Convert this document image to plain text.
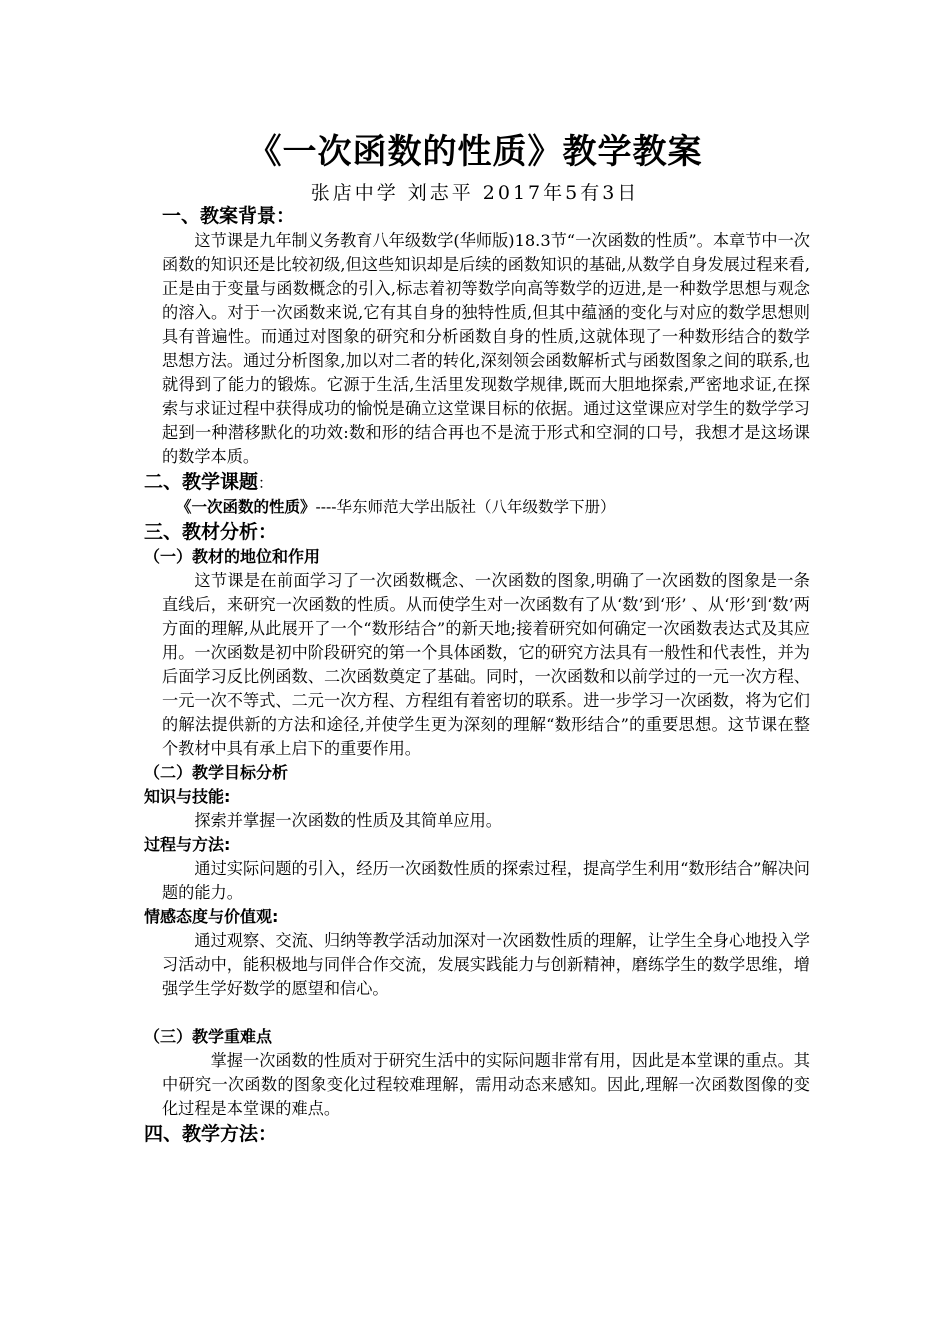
《一次函数的性质》教学教案
张店中学 刘志平 2017年5有3日
一、教案背景：

这节课是九年制义务教育八年级数学(华师版)18.3节“一次函数的性质”。本章节中一次函数的知识还是比较初级,但这些知识却是后续的函数知识的基础,从数学自身发展过程来看,正是由于变量与函数概念的引入,标志着初等数学向高等数学的迈进,是一种数学思想与观念的溶入。对于一次函数来说,它有其自身的独特性质,但其中蕴涵的变化与对应的数学思想则具有普遍性。而通过对图象的研究和分析函数自身的性质,这就体现了一种数形结合的数学思想方法。通过分析图象,加以对二者的转化,深刻领会函数解析式与函数图象之间的联系,也就得到了能力的锻炼。它源于生活,生活里发现数学规律,既而大胆地探索,严密地求证,在探索与求证过程中获得成功的愉悦是确立这堂课目标的依据。通过这堂课应对学生的数学学习起到一种潜移默化的功效:数和形的结合再也不是流于形式和空洞的口号，我想才是这场课的数学本质。

二、教学课题：
《一次函数的性质》----华东师范大学出版社（八年级数学下册）
三、教材分析：
（一）教材的地位和作用

这节课是在前面学习了一次函数概念、一次函数的图象,明确了一次函数的图象是一条直线后，来研究一次函数的性质。从而使学生对一次函数有了从‘数’到‘形’ 、从‘形’到‘数’两方面的理解,从此展开了一个“数形结合”的新天地;接着研究如何确定一次函数表达式及其应用。一次函数是初中阶段研究的第一个具体函数，它的研究方法具有一般性和代表性，并为后面学习反比例函数、二次函数奠定了基础。同时，一次函数和以前学过的一元一次方程、一元一次不等式、二元一次方程、方程组有着密切的联系。进一步学习一次函数，将为它们的解法提供新的方法和途径,并使学生更为深刻的理解“数形结合”的重要思想。这节课在整个教材中具有承上启下的重要作用。

（二）教学目标分析
知识与技能:

探索并掌握一次函数的性质及其简单应用。

过程与方法:

通过实际问题的引入，经历一次函数性质的探索过程，提高学生利用“数形结合”解决问题的能力。

情感态度与价值观:

通过观察、交流、归纳等教学活动加深对一次函数性质的理解，让学生全身心地投入学习活动中，能积极地与同伴合作交流，发展实践能力与创新精神，磨练学生的数学思维，增强学生学好数学的愿望和信心。

（三）教学重难点

掌握一次函数的性质对于研究生活中的实际问题非常有用，因此是本堂课的重点。其中研究一次函数的图象变化过程较难理解，需用动态来感知。因此,理解一次函数图像的变化过程是本堂课的难点。

四、教学方法：
